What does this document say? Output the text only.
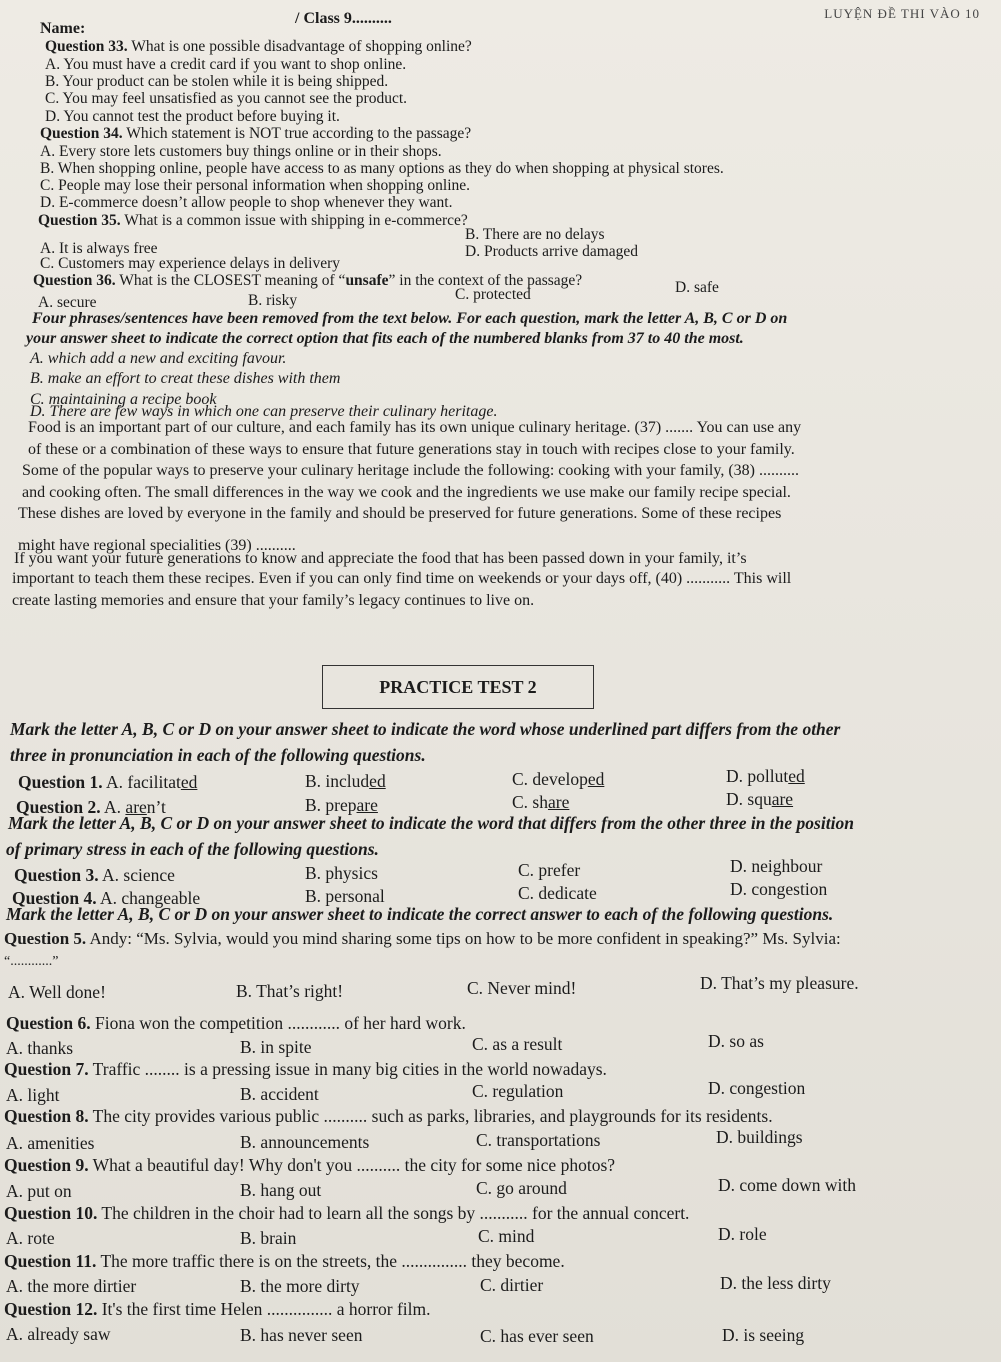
Name:
/ Class 9..........	LUYỆN ĐỀ THI VÀO 10
Question 33. What is one possible disadvantage of shopping online?
A. You must have a credit card if you want to shop online.
B. Your product can be stolen while it is being shipped.
C. You may feel unsatisfied as you cannot see the product.
D. You cannot test the product before buying it.
Question 34. Which statement is NOT true according to the passage?
A. Every store lets customers buy things online or in their shops.
B. When shopping online, people have access to as many options as they do when shopping at physical stores.
C. People may lose their personal information when shopping online.
D. E-commerce doesn’t allow people to shop whenever they want.
Question 35. What is a common issue with shipping in e-commerce?
B. There are no delays
A. It is always free	D. Products arrive damaged
C. Customers may experience delays in delivery
Question 36. What is the CLOSEST meaning of “unsafe” in the context of the passage?
A. secure	B. risky	C. protected	D. safe
Four phrases/sentences have been removed from the text below. For each question, mark the letter A, B, C or D on
your answer sheet to indicate the correct option that fits each of the numbered blanks from 37 to 40 the most.
A. which add a new and exciting favour.
B. make an effort to creat these dishes with them
C. maintaining a recipe book
D. There are few ways in which one can preserve their culinary heritage.
Food is an important part of our culture, and each family has its own unique culinary heritage. (37) ....... You can use any
of these or a combination of these ways to ensure that future generations stay in touch with recipes close to your family.
Some of the popular ways to preserve your culinary heritage include the following: cooking with your family, (38) ..........
and cooking often. The small differences in the way we cook and the ingredients we use make our family recipe special.
These dishes are loved by everyone in the family and should be preserved for future generations. Some of these recipes
might have regional specialities (39) ..........
If you want your future generations to know and appreciate the food that has been passed down in your family, it’s
important to teach them these recipes. Even if you can only find time on weekends or your days off, (40) ........... This will
create lasting memories and ensure that your family’s legacy continues to live on.
PRACTICE TEST 2
Mark the letter A, B, C or D on your answer sheet to indicate the word whose underlined part differs from the other
three in pronunciation in each of the following questions.
Question 1. A. facilitated	B. included	C. developed	D. polluted
Question 2. A. aren’t	B. prepare	C. share	D. square
Mark the letter A, B, C or D on your answer sheet to indicate the word that differs from the other three in the position
of primary stress in each of the following questions.
Question 3. A. science	B. physics	C. prefer	D. neighbour
Question 4. A. changeable	B. personal	C. dedicate	D. congestion
Mark the letter A, B, C or D on your answer sheet to indicate the correct answer to each of the following questions.
Question 5. Andy: “Ms. Sylvia, would you mind sharing some tips on how to be more confident in speaking?” Ms. Sylvia:
“............”
A. Well done!	B. That’s right!	C. Never mind!	D. That’s my pleasure.
Question 6. Fiona won the competition ............ of her hard work.
A. thanks	B. in spite	C. as a result	D. so as
Question 7. Traffic ........ is a pressing issue in many big cities in the world nowadays.
A. light	B. accident	C. regulation	D. congestion
Question 8. The city provides various public .......... such as parks, libraries, and playgrounds for its residents.
A. amenities	B. announcements	C. transportations	D. buildings
Question 9. What a beautiful day! Why don't you .......... the city for some nice photos?
A. put on	B. hang out	C. go around	D. come down with
Question 10. The children in the choir had to learn all the songs by ........... for the annual concert.
A. rote	B. brain	C. mind	D. role
Question 11. The more traffic there is on the streets, the ............... they become.
A. the more dirtier	B. the more dirty	C. dirtier	D. the less dirty
Question 12. It's the first time Helen ............... a horror film.
A. already saw	B. has never seen	C. has ever seen	D. is seeing
